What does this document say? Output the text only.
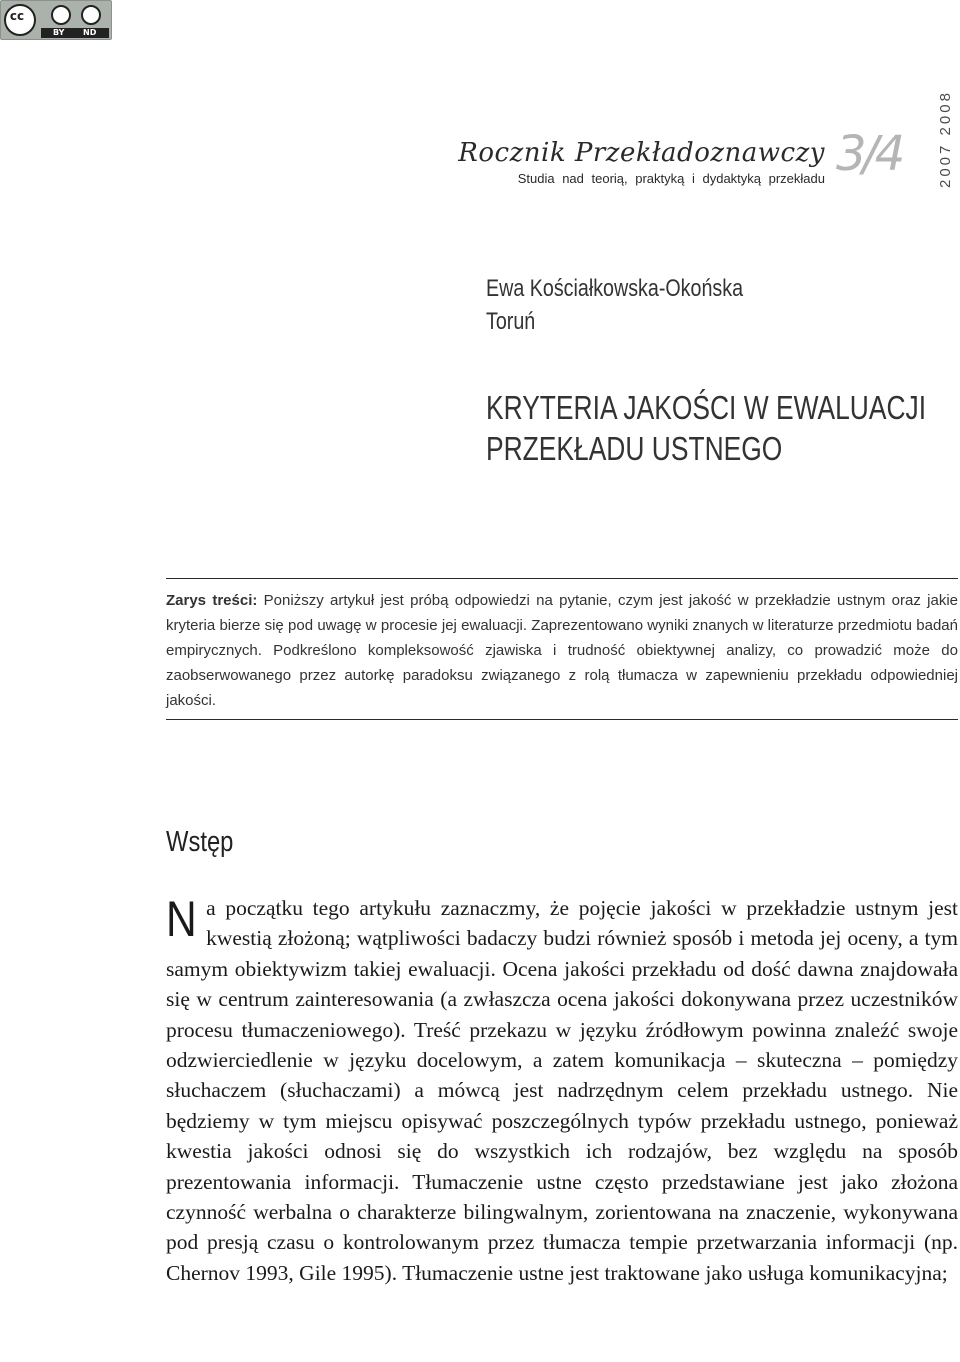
cc
BY ND
Rocznik Przekładoznawczy
Studia nad teorią, praktyką i dydaktyką przekładu 3/4 2007 2008
Ewa Kościałkowska-Okońska
Toruń
KRYTERIA JAKOŚCI W EWALUACJI
PRZEKŁADU USTNEGO

Zarys treści: Poniższy artykuł jest próbą odpowiedzi na pytanie, czym jest jakość w przekładzie ustnym oraz jakie kryteria bierze się pod uwagę w procesie jej ewaluacji. Zaprezentowano wyniki znanych w literaturze przedmiotu badań empirycznych. Podkreślono kompleksowość zjawiska i trudność obiektywnej analizy, co prowadzić może do zaobserwowanego przez autorkę paradoksu związanego z rolą tłumacza w zapewnieniu przekładu odpowiedniej jakości.

Wstęp

Na początku tego artykułu zaznaczmy, że pojęcie jakości w przekładzie ustnym jest kwestią złożoną; wątpliwości badaczy budzi również sposób i metoda jej oceny, a tym samym obiektywizm takiej ewaluacji. Ocena jakości przekładu od dość dawna znajdowała się w centrum zainteresowania (a zwłaszcza ocena jakości dokonywana przez uczestników procesu tłumaczeniowego). Treść przekazu w języku źródłowym powinna znaleźć swoje odzwierciedlenie w języku docelowym, a zatem komunikacja – skuteczna – pomiędzy słuchaczem (słuchaczami) a mówcą jest nadrzędnym celem przekładu ustnego. Nie będziemy w tym miejscu opisywać poszczególnych typów przekładu ustnego, ponieważ kwestia jakości odnosi się do wszystkich ich rodzajów, bez względu na sposób prezentowania informacji. Tłumaczenie ustne często przedstawiane jest jako złożona czynność werbalna o charakterze bilingwalnym, zorientowana na znaczenie, wykonywana pod presją czasu o kontrolowanym przez tłumacza tempie przetwarzania informacji (np. Chernov 1993, Gile 1995). Tłumaczenie ustne jest traktowane jako usługa komunikacyjna;
